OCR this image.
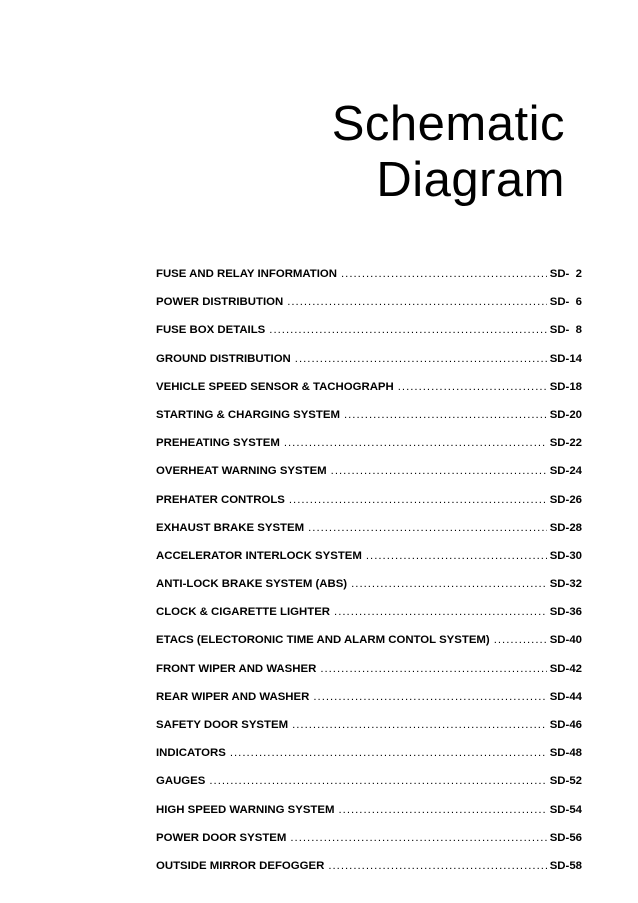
Schematic
Diagram
FUSE AND RELAY INFORMATION .....	SD-  2
POWER DISTRIBUTION .....	SD-  6
FUSE BOX DETAILS .....	SD-  8
GROUND DISTRIBUTION .....	SD-14
VEHICLE SPEED SENSOR & TACHOGRAPH .....	SD-18
STARTING & CHARGING SYSTEM .....	SD-20
PREHEATING SYSTEM .....	SD-22
OVERHEAT WARNING SYSTEM .....	SD-24
PREHATER CONTROLS .....	SD-26
EXHAUST BRAKE SYSTEM .....	SD-28
ACCELERATOR INTERLOCK SYSTEM .....	SD-30
ANTI-LOCK BRAKE SYSTEM (ABS) .....	SD-32
CLOCK & CIGARETTE LIGHTER .....	SD-36
ETACS (ELECTORONIC TIME AND ALARM CONTOL SYSTEM) .....	SD-40
FRONT WIPER AND WASHER .....	SD-42
REAR WIPER AND WASHER .....	SD-44
SAFETY DOOR SYSTEM .....	SD-46
INDICATORS .....	SD-48
GAUGES .....	SD-52
HIGH SPEED WARNING SYSTEM .....	SD-54
POWER DOOR SYSTEM .....	SD-56
OUTSIDE MIRROR DEFOGGER .....	SD-58
